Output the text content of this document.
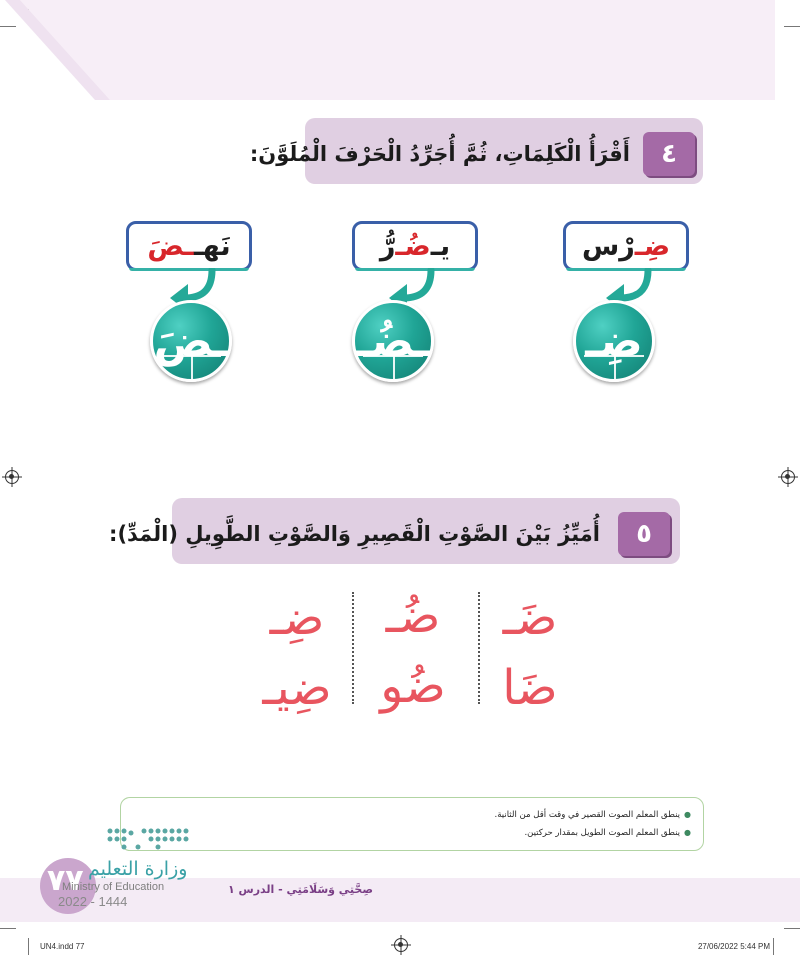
٤
أَقْرَأُ الْكَلِمَاتِ، ثُمَّ أُجَرِّدُ الْحَرْفَ الْمُلَوَّنَ:
ضِـ
رْس
يـ
ضُـ
رُّ
نَهـ
ـضَ
ضِـ
ـضُـ
ـضَ
٥
أُمَيِّزُ بَيْنَ الصَّوْتِ الْقَصِيرِ وَالصَّوْتِ الطَّوِيلِ (الْمَدِّ):
ضَـ
ضُـ
ضِـ
ضَا
ضُو
ضِيـ
● ينطق المعلم الصوت القصير في وقت أقل من الثانية.
● ينطق المعلم الصوت الطويل بمقدار حركتين.
٧٧ وزارة التعليم
Ministry of Education
2022 - 1444
صِحَّتِي وَسَلَامَتِي - الدرس ١
UN4.indd 77	27/06/2022 5:44 PM
